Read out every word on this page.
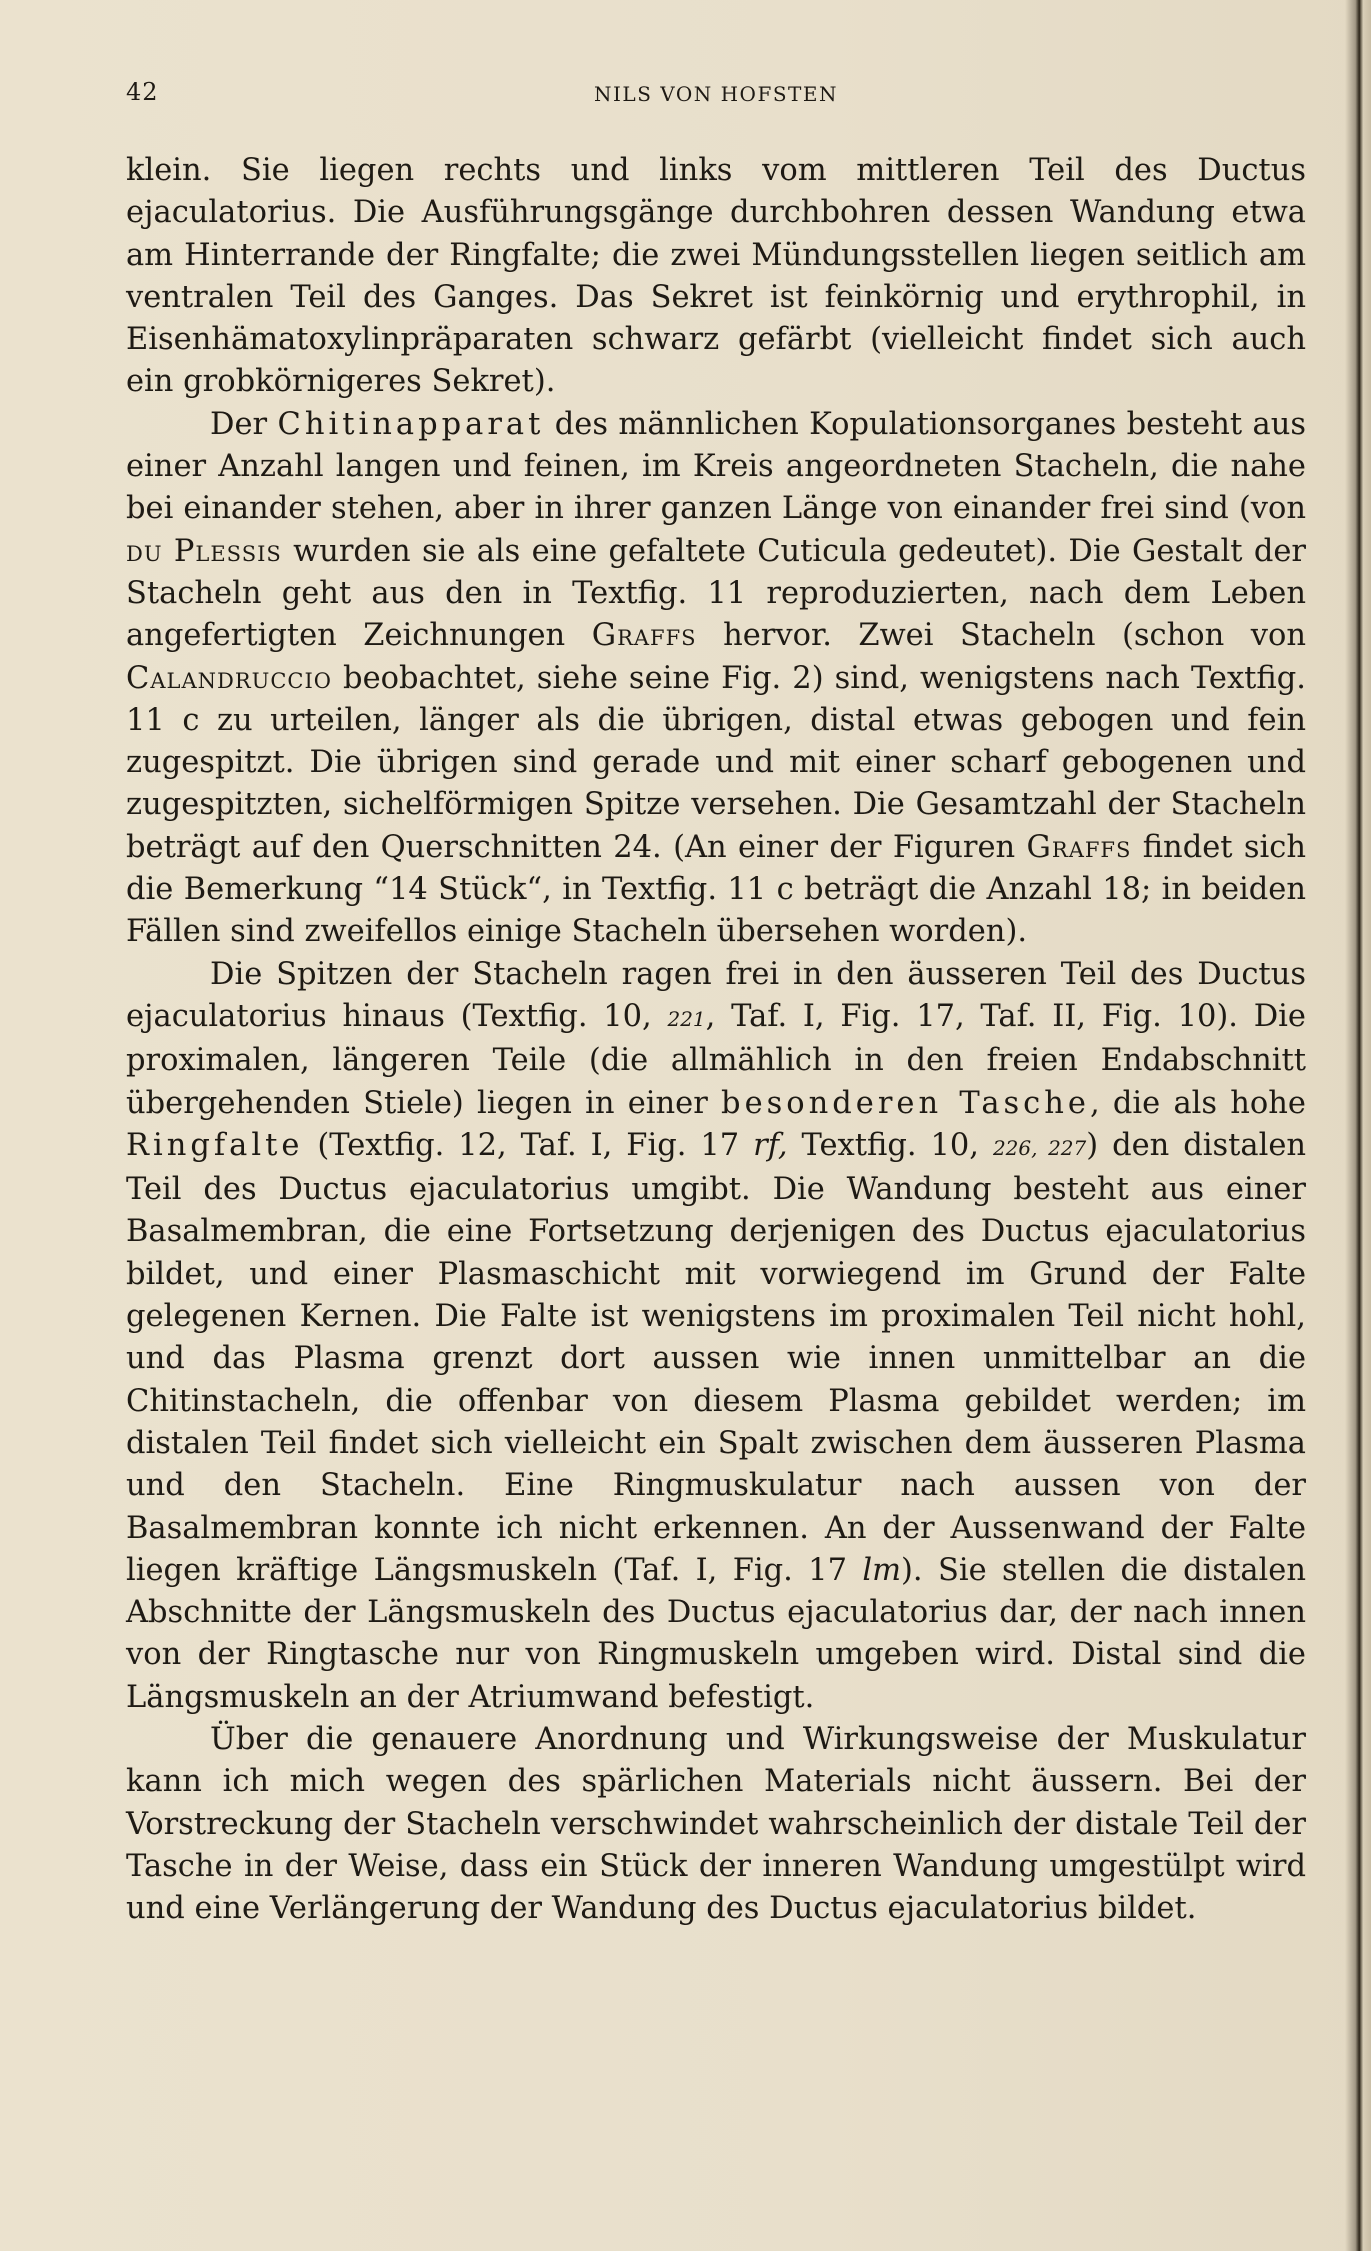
42	NILS VON HOFSTEN

klein. Sie liegen rechts und links vom mittleren Teil des Ductus ejaculatorius. Die Ausführungsgänge durchbohren dessen Wandung etwa am Hinterrande der Ringfalte; die zwei Mündungsstellen liegen seitlich am ventralen Teil des Ganges. Das Sekret ist feinkörnig und erythrophil, in Eisenhämatoxylinpräparaten schwarz gefärbt (vielleicht findet sich auch ein grobkörnigeres Sekret).

Der Chitinapparat des männlichen Kopulationsorganes besteht aus einer Anzahl langen und feinen, im Kreis angeordneten Stacheln, die nahe bei einander stehen, aber in ihrer ganzen Länge von einander frei sind (von du Plessis wurden sie als eine gefaltete Cuticula gedeutet). Die Gestalt der Stacheln geht aus den in Textfig. 11 reproduzierten, nach dem Leben angefertigten Zeichnungen Graffs hervor. Zwei Stacheln (schon von Calandruccio beobachtet, siehe seine Fig. 2) sind, wenigstens nach Textfig. 11 c zu urteilen, länger als die übrigen, distal etwas gebogen und fein zugespitzt. Die übrigen sind gerade und mit einer scharf gebogenen und zugespitzten, sichelförmigen Spitze versehen. Die Gesamtzahl der Stacheln beträgt auf den Querschnitten 24. (An einer der Figuren Graffs findet sich die Bemerkung “14 Stück“, in Textfig. 11 c beträgt die Anzahl 18; in beiden Fällen sind zweifellos einige Stacheln übersehen worden).

Die Spitzen der Stacheln ragen frei in den äusseren Teil des Ductus ejaculatorius hinaus (Textfig. 10, 221, Taf. I, Fig. 17, Taf. II, Fig. 10). Die proximalen, längeren Teile (die allmählich in den freien Endabschnitt übergehenden Stiele) liegen in einer besonderen Tasche, die als hohe Ringfalte (Textfig. 12, Taf. I, Fig. 17 rf, Textfig. 10, 226, 227) den distalen Teil des Ductus ejaculatorius umgibt. Die Wandung besteht aus einer Basalmembran, die eine Fortsetzung derjenigen des Ductus ejaculatorius bildet, und einer Plasmaschicht mit vorwiegend im Grund der Falte gelegenen Kernen. Die Falte ist wenigstens im proximalen Teil nicht hohl, und das Plasma grenzt dort aussen wie innen unmittelbar an die Chitinstacheln, die offenbar von diesem Plasma gebildet werden; im distalen Teil findet sich vielleicht ein Spalt zwischen dem äusseren Plasma und den Stacheln. Eine Ringmuskulatur nach aussen von der Basalmembran konnte ich nicht erkennen. An der Aussenwand der Falte liegen kräftige Längsmuskeln (Taf. I, Fig. 17 lm). Sie stellen die distalen Abschnitte der Längsmuskeln des Ductus ejaculatorius dar, der nach innen von der Ringtasche nur von Ringmuskeln umgeben wird. Distal sind die Längsmuskeln an der Atriumwand befestigt.

Über die genauere Anordnung und Wirkungsweise der Muskulatur kann ich mich wegen des spärlichen Materials nicht äussern. Bei der Vorstreckung der Stacheln verschwindet wahrscheinlich der distale Teil der Tasche in der Weise, dass ein Stück der inneren Wandung umgestülpt wird und eine Verlängerung der Wandung des Ductus ejaculatorius bildet.
